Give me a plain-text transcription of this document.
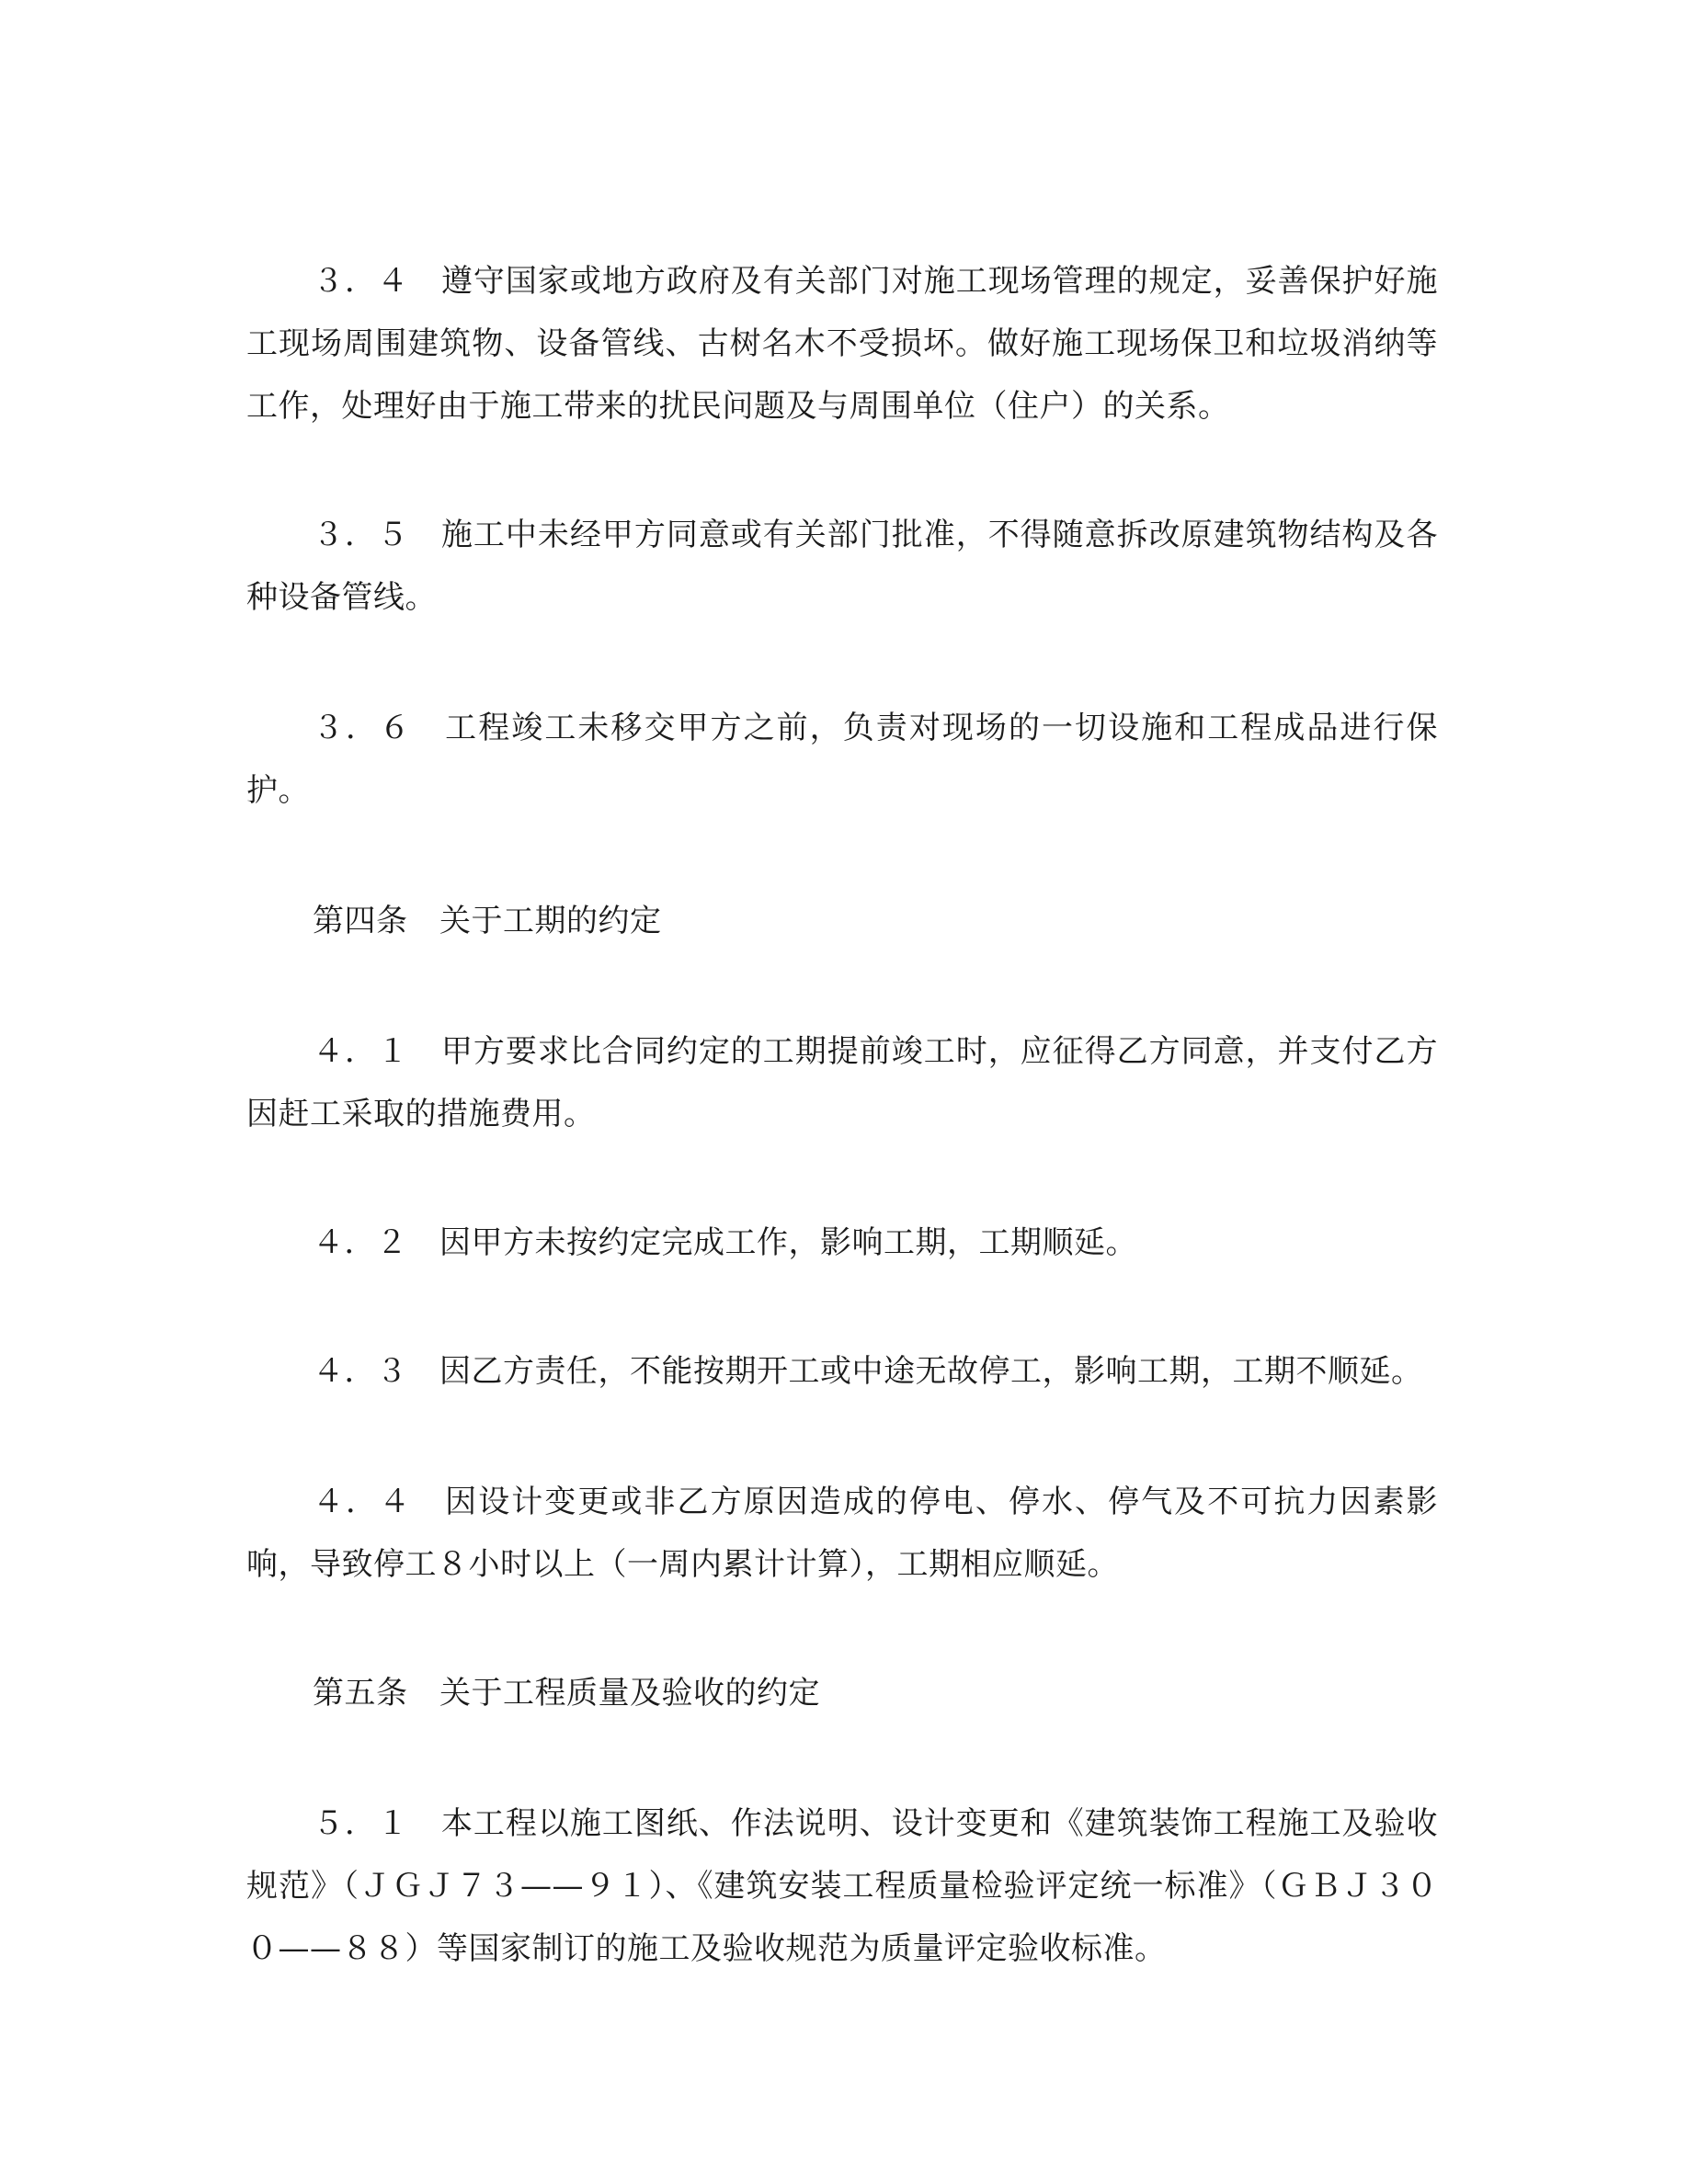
３．４　遵守国家或地方政府及有关部门对施工现场管理的规定，妥善保护好施工现场周围建筑物、设备管线、古树名木不受损坏。做好施工现场保卫和垃圾消纳等工作，处理好由于施工带来的扰民问题及与周围单位（住户）的关系。
３．５　施工中未经甲方同意或有关部门批准，不得随意拆改原建筑物结构及各种设备管线。
３．６　工程竣工未移交甲方之前，负责对现场的一切设施和工程成品进行保护。
第四条　关于工期的约定
４．１　甲方要求比合同约定的工期提前竣工时，应征得乙方同意，并支付乙方因赶工采取的措施费用。
４．２　因甲方未按约定完成工作，影响工期，工期顺延。
４．３　因乙方责任，不能按期开工或中途无故停工，影响工期，工期不顺延。
４．４　因设计变更或非乙方原因造成的停电、停水、停气及不可抗力因素影响，导致停工８小时以上（一周内累计计算），工期相应顺延。
第五条　关于工程质量及验收的约定
５．１　本工程以施工图纸、作法说明、设计变更和《建筑装饰工程施工及验收规范》（ＪＧＪ７３——９１）、《建筑安装工程质量检验评定统一标准》（ＧＢＪ３００——８８）等国家制订的施工及验收规范为质量评定验收标准。
